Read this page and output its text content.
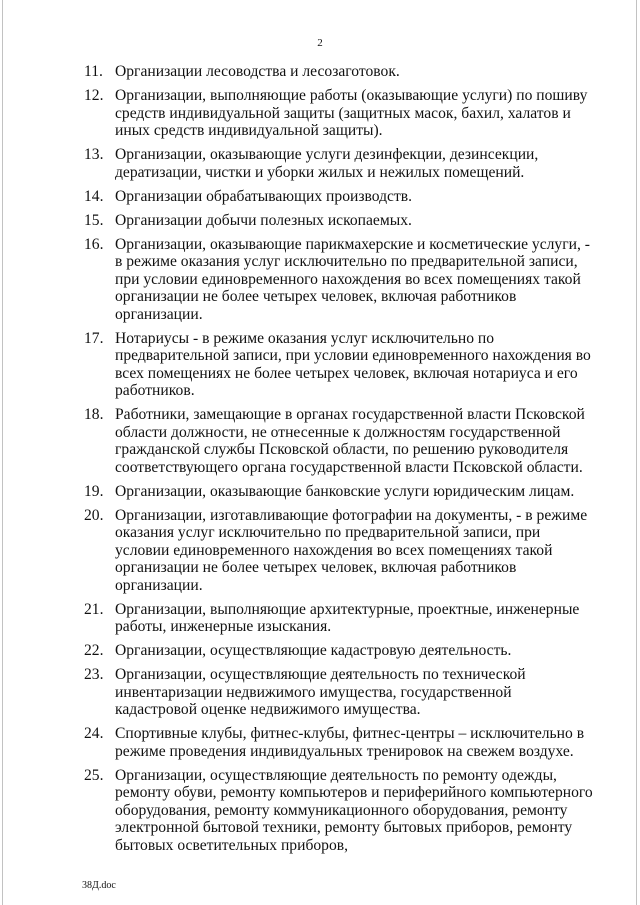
2
11. Организации лесоводства и лесозаготовок.
12. Организации, выполняющие работы (оказывающие услуги) по пошиву средств индивидуальной защиты (защитных масок, бахил, халатов и иных средств индивидуальной защиты).
13. Организации, оказывающие услуги дезинфекции, дезинсекции, дератизации, чистки и уборки жилых и нежилых помещений.
14. Организации обрабатывающих производств.
15. Организации добычи полезных ископаемых.
16. Организации, оказывающие парикмахерские и косметические услуги, - в режиме оказания услуг исключительно по предварительной записи, при условии единовременного нахождения во всех помещениях такой организации не более четырех человек, включая работников организации.
17. Нотариусы - в режиме оказания услуг исключительно по предварительной записи, при условии единовременного нахождения во всех помещениях не более четырех человек, включая нотариуса и его работников.
18. Работники, замещающие в органах государственной власти Псковской области должности, не отнесенные к должностям государственной гражданской службы Псковской области, по решению руководителя соответствующего органа государственной власти Псковской области.
19. Организации, оказывающие банковские услуги юридическим лицам.
20. Организации, изготавливающие фотографии на документы, - в режиме оказания услуг исключительно по предварительной записи, при условии единовременного нахождения во всех помещениях такой организации не более четырех человек, включая работников организации.
21. Организации, выполняющие архитектурные, проектные, инженерные работы, инженерные изыскания.
22. Организации, осуществляющие кадастровую деятельность.
23. Организации, осуществляющие деятельность по технической инвентаризации недвижимого имущества, государственной кадастровой оценке недвижимого имущества.
24. Спортивные клубы, фитнес-клубы, фитнес-центры – исключительно в режиме проведения индивидуальных тренировок на свежем воздухе.
25. Организации, осуществляющие деятельность по ремонту одежды, ремонту обуви, ремонту компьютеров и периферийного компьютерного оборудования, ремонту коммуникационного оборудования, ремонту электронной бытовой техники, ремонту бытовых приборов, ремонту бытовых осветительных приборов,
38Д.doc
